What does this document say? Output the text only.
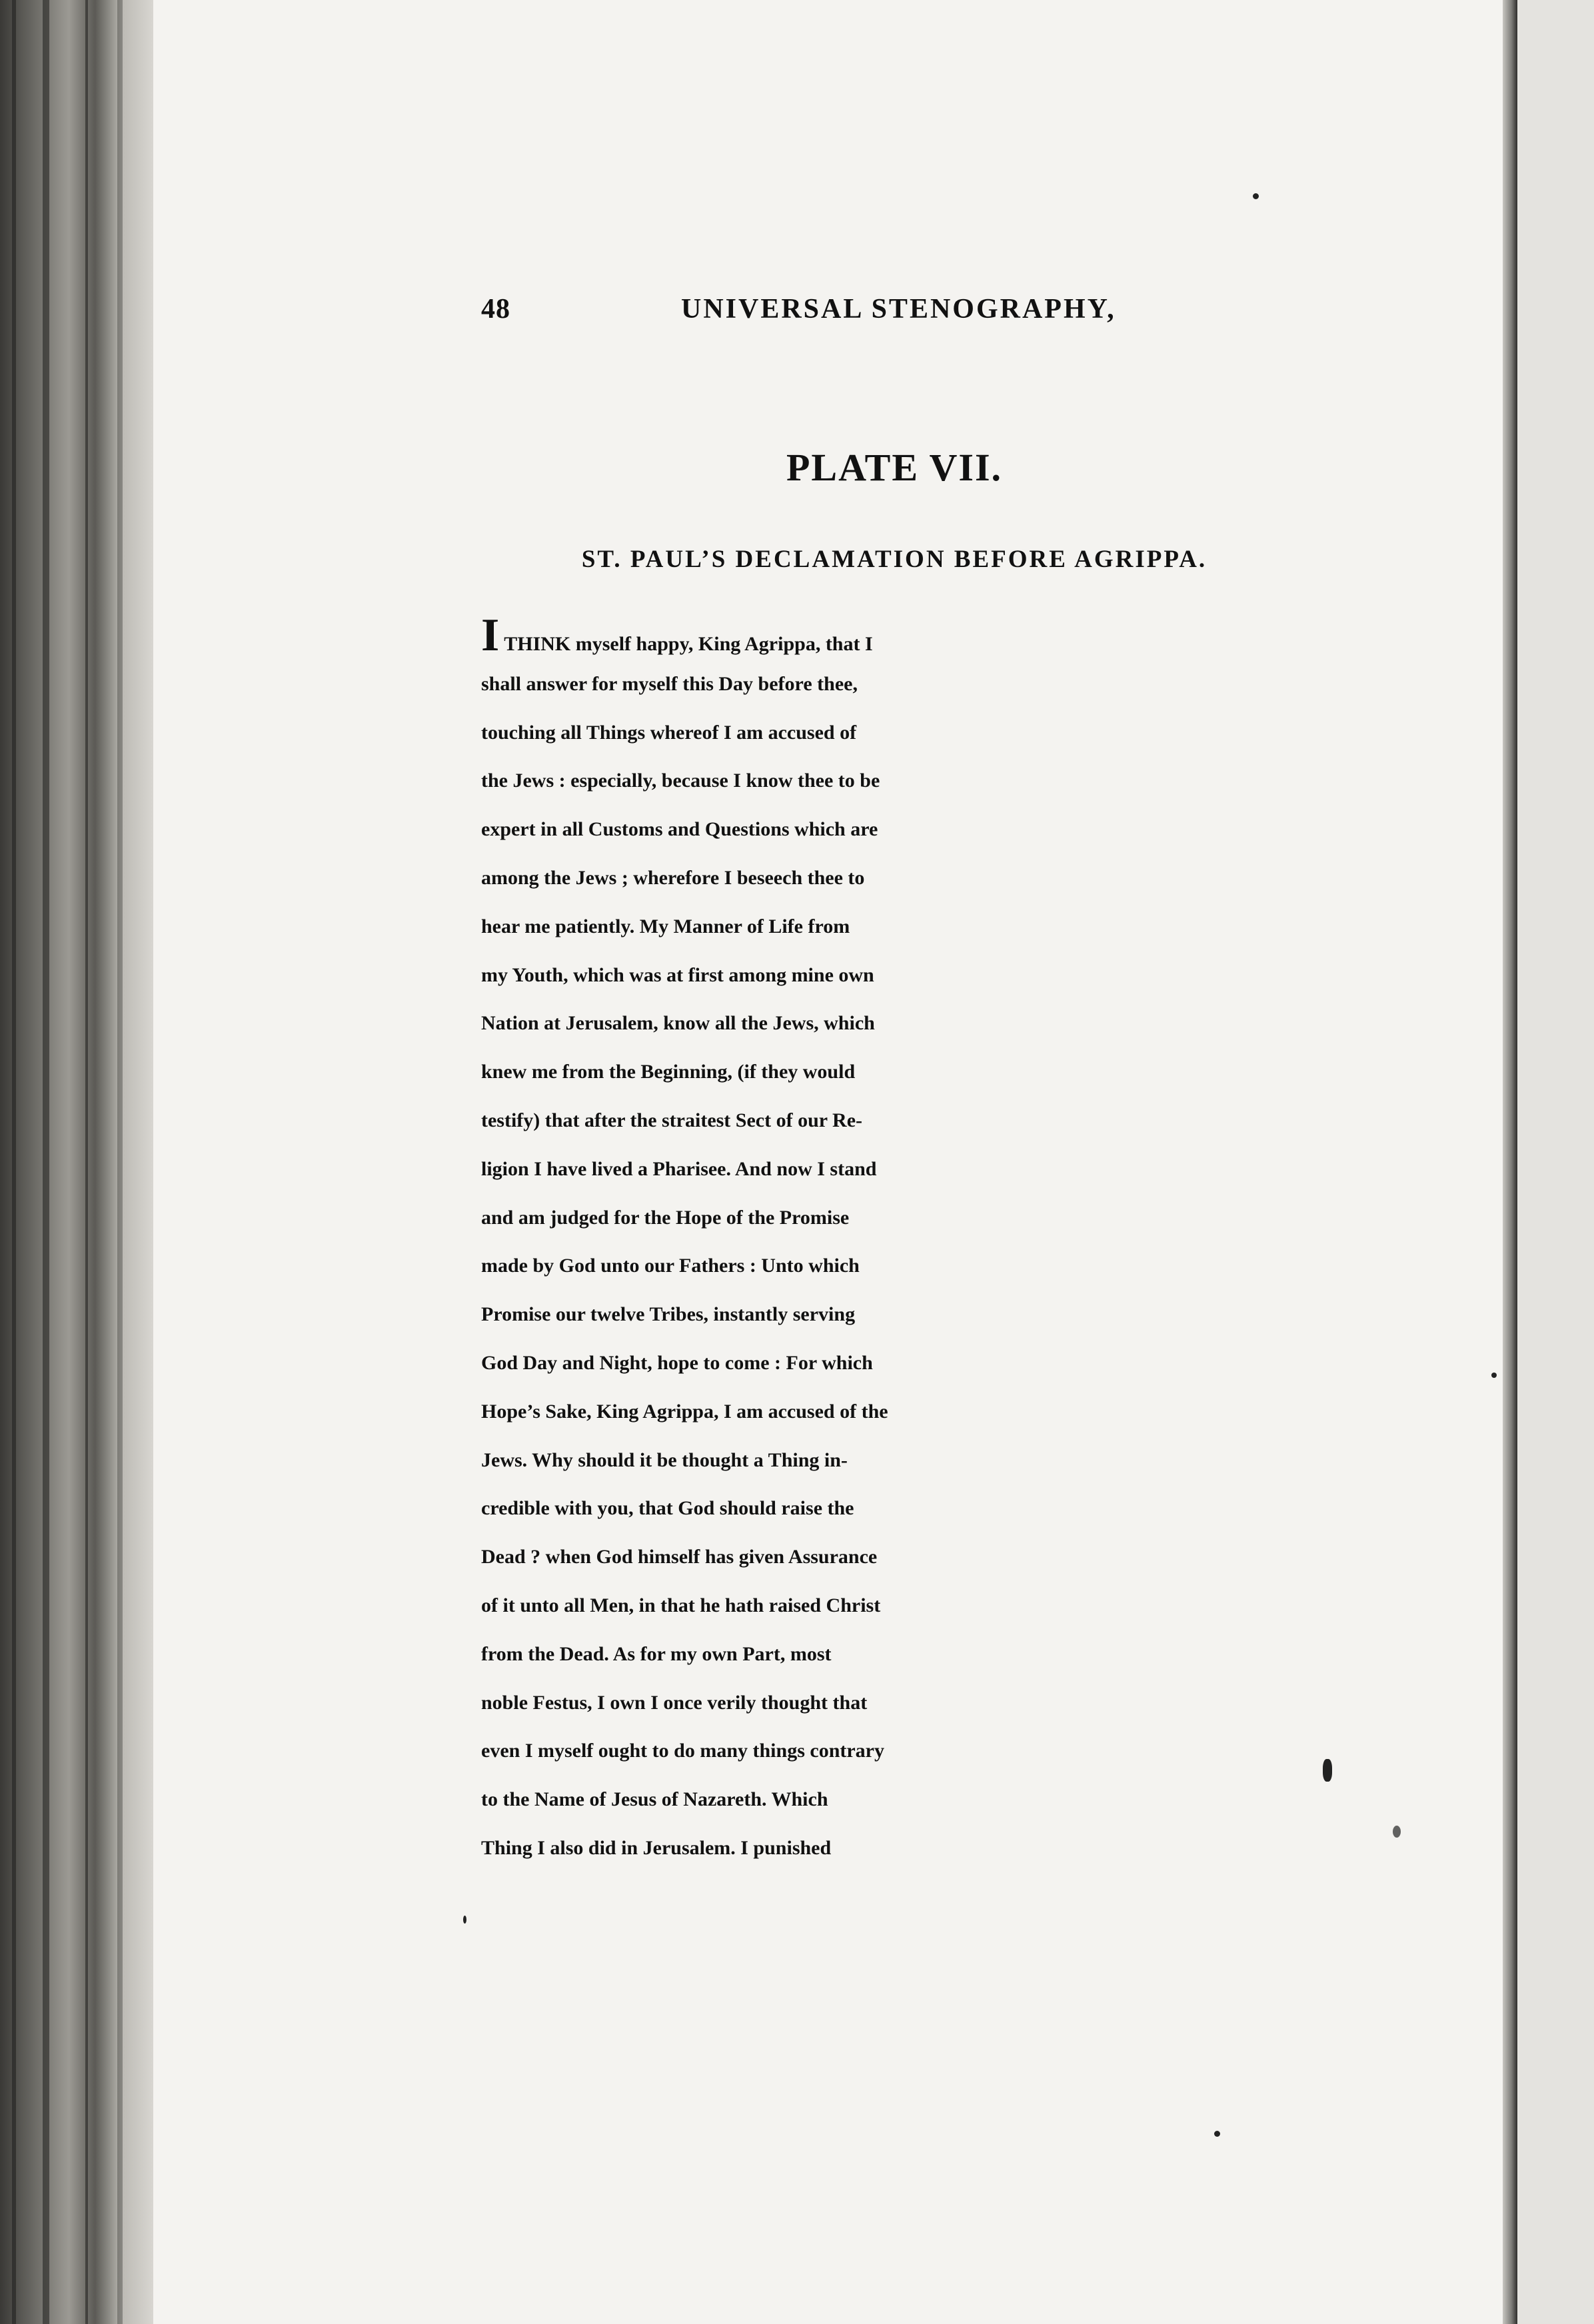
48	UNIVERSAL STENOGRAPHY,
PLATE VII.
ST. PAUL’S DECLAMATION BEFORE AGRIPPA.
I THINK myself happy, King Agrippa, that I
shall answer for myself this Day before thee,
touching all Things whereof I am accused of
the Jews : especially, because I know thee to be
expert in all Customs and Questions which are
among the Jews ; wherefore I beseech thee to
hear me patiently. My Manner of Life from
my Youth, which was at first among mine own
Nation at Jerusalem, know all the Jews, which
knew me from the Beginning, (if they would
testify) that after the straitest Sect of our Re-
ligion I have lived a Pharisee. And now I stand
and am judged for the Hope of the Promise
made by God unto our Fathers : Unto which
Promise our twelve Tribes, instantly serving
God Day and Night, hope to come : For which
Hope’s Sake, King Agrippa, I am accused of the
Jews. Why should it be thought a Thing in-
credible with you, that God should raise the
Dead ? when God himself has given Assurance
of it unto all Men, in that he hath raised Christ
from the Dead. As for my own Part, most
noble Festus, I own I once verily thought that
even I myself ought to do many things contrary
to the Name of Jesus of Nazareth. Which
Thing I also did in Jerusalem. I punished
